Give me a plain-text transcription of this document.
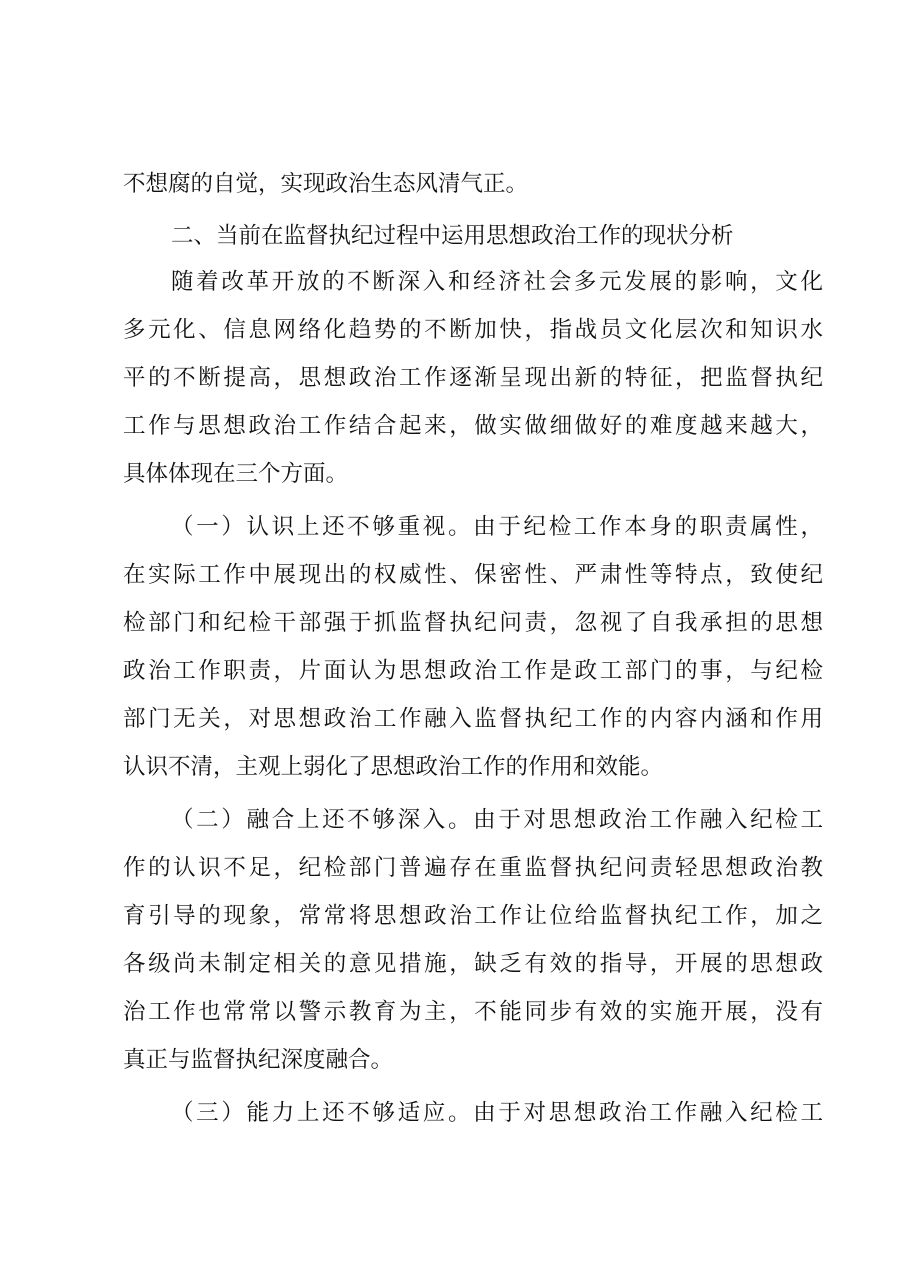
不想腐的自觉，实现政治生态风清气正。

二、当前在监督执纪过程中运用思想政治工作的现状分析

随着改革开放的不断深入和经济社会多元发展的影响，文化

多元化、信息网络化趋势的不断加快，指战员文化层次和知识水

平的不断提高，思想政治工作逐渐呈现出新的特征，把监督执纪

工作与思想政治工作结合起来，做实做细做好的难度越来越大，

具体体现在三个方面。

（一）认识上还不够重视。由于纪检工作本身的职责属性，

在实际工作中展现出的权威性、保密性、严肃性等特点，致使纪

检部门和纪检干部强于抓监督执纪问责，忽视了自我承担的思想

政治工作职责，片面认为思想政治工作是政工部门的事，与纪检

部门无关，对思想政治工作融入监督执纪工作的内容内涵和作用

认识不清，主观上弱化了思想政治工作的作用和效能。

（二）融合上还不够深入。由于对思想政治工作融入纪检工

作的认识不足，纪检部门普遍存在重监督执纪问责轻思想政治教

育引导的现象，常常将思想政治工作让位给监督执纪工作，加之

各级尚未制定相关的意见措施，缺乏有效的指导，开展的思想政

治工作也常常以警示教育为主，不能同步有效的实施开展，没有

真正与监督执纪深度融合。

（三）能力上还不够适应。由于对思想政治工作融入纪检工
